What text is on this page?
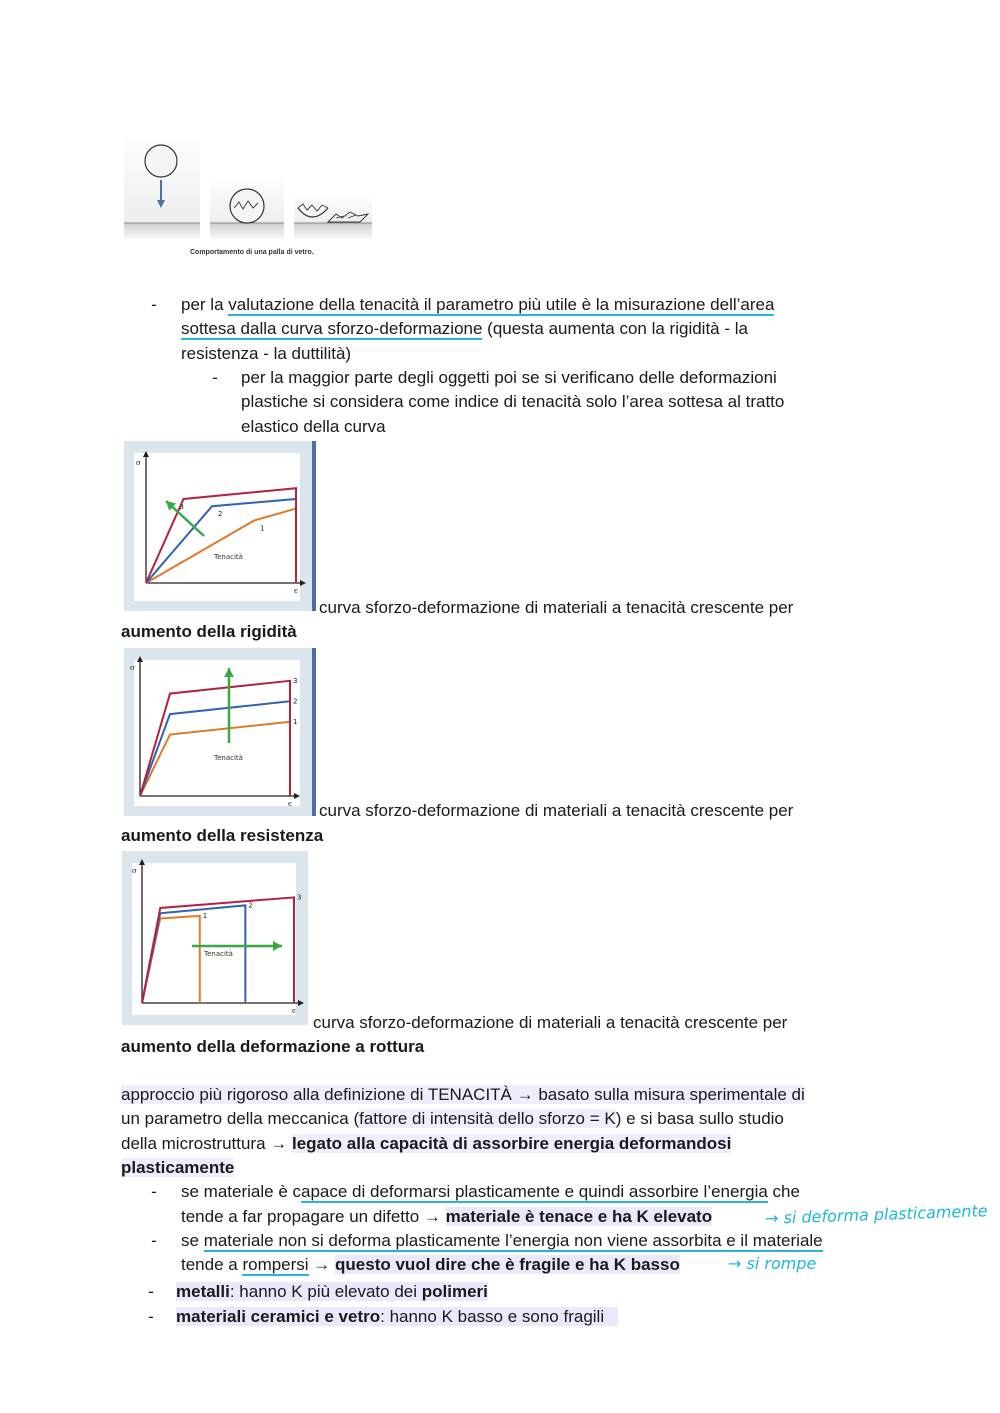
Comportamento di una palla di vetro.
- per la valutazione della tenacità il parametro più utile è la misurazione dell’area
sottesa dalla curva sforzo-deformazione (questa aumenta con la rigidità - la
resistenza - la duttilità)
- per la maggior parte degli oggetti poi se si verificano delle deformazioni
plastiche si considera come indice di tenacità solo l’area sottesa al tratto
elastico della curva
σ
ϵ
1
2
3
Tenacità
curva sforzo-deformazione di materiali a tenacità crescente per
aumento della rigidità
σ
ϵ
1
2
3
Tenacità
curva sforzo-deformazione di materiali a tenacità crescente per
aumento della resistenza
σ
ϵ
1
2
3
Tenacità
curva sforzo-deformazione di materiali a tenacità crescente per
aumento della deformazione a rottura
approccio più rigoroso alla definizione di TENACITÀ → basato sulla misura sperimentale di
un parametro della meccanica (fattore di intensità dello sforzo = K) e si basa sullo studio
della microstruttura → legato alla capacità di assorbire energia deformandosi
plasticamente
- se materiale è capace di deformarsi plasticamente e quindi assorbire l’energia che
tende a far propagare un difetto → materiale è tenace e ha K elevato
- se materiale non si deforma plasticamente l’energia non viene assorbita e il materiale
tende a rompersi → questo vuol dire che è fragile e ha K basso
- metalli: hanno K più elevato dei polimeri
- materiali ceramici e vetro: hanno K basso e sono fragili
→ si deforma plasticamente
→ si rompe
